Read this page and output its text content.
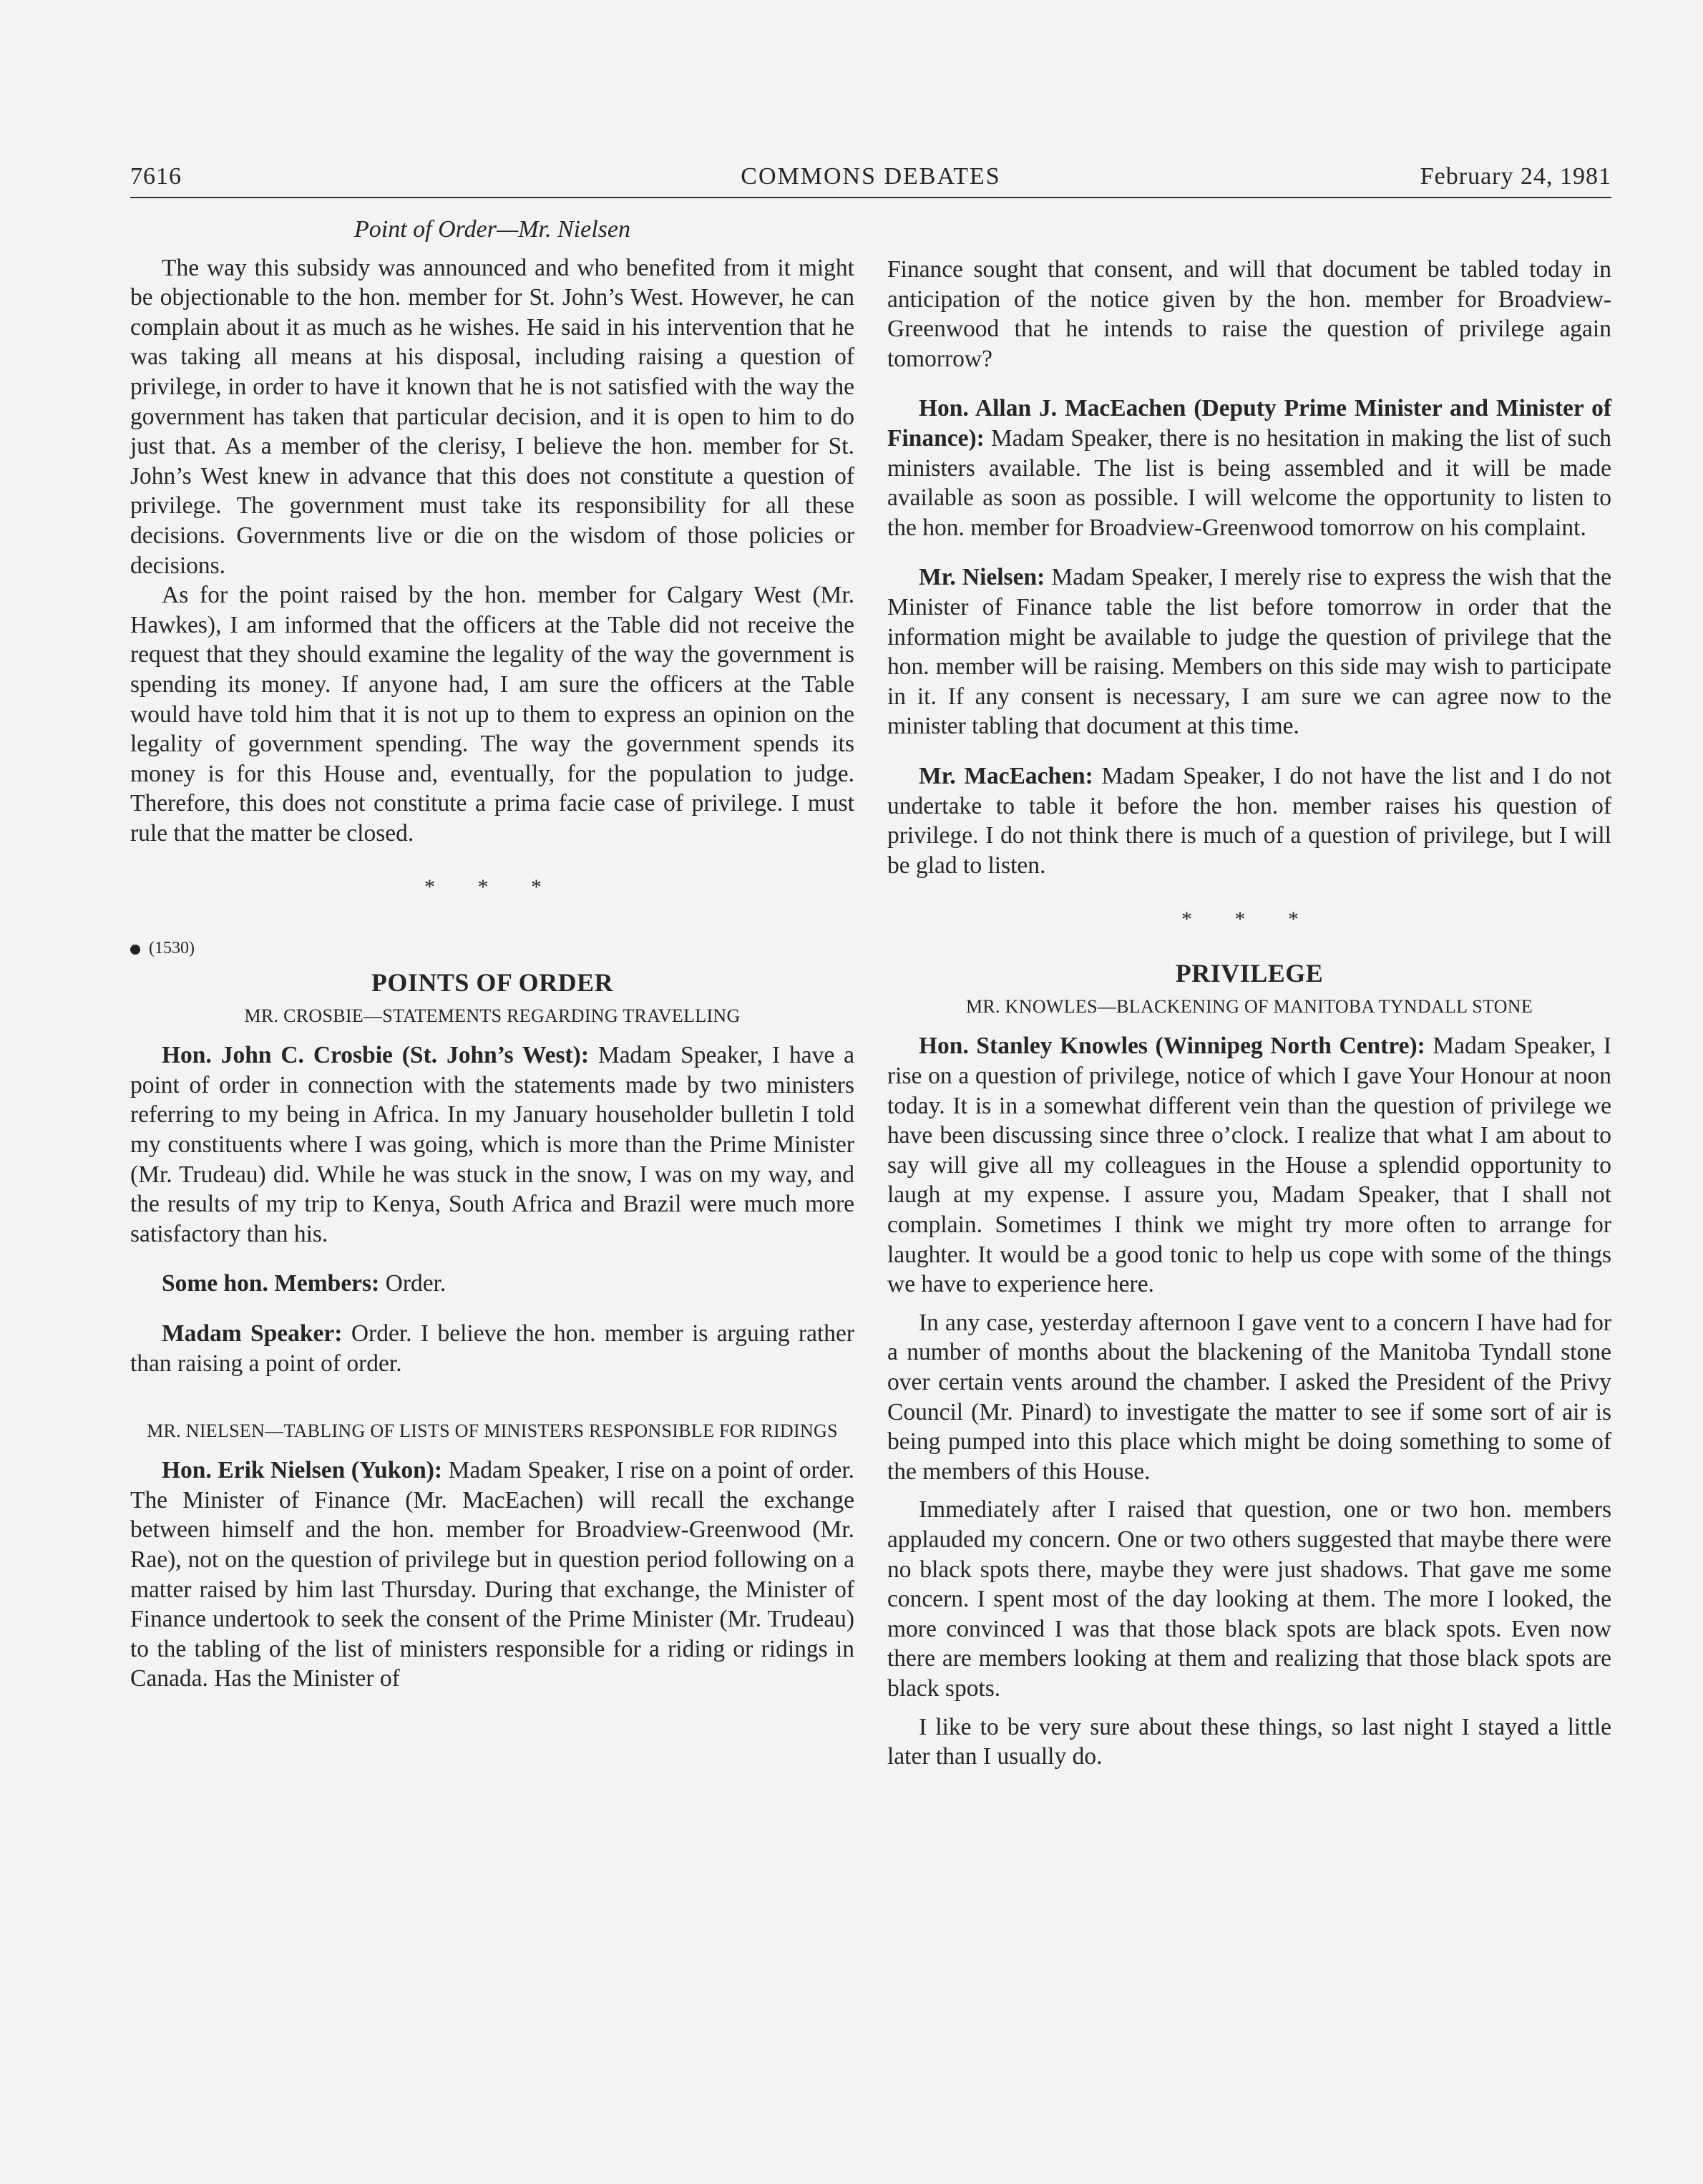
7616	COMMONS DEBATES	February 24, 1981
Point of Order—Mr. Nielsen

The way this subsidy was announced and who benefited from it might be objectionable to the hon. member for St. John’s West. However, he can complain about it as much as he wishes. He said in his intervention that he was taking all means at his disposal, including raising a question of privilege, in order to have it known that he is not satisfied with the way the government has taken that particular decision, and it is open to him to do just that. As a member of the clerisy, I believe the hon. member for St. John’s West knew in advance that this does not constitute a question of privilege. The government must take its responsibility for all these decisions. Governments live or die on the wisdom of those policies or decisions.

As for the point raised by the hon. member for Calgary West (Mr. Hawkes), I am informed that the officers at the Table did not receive the request that they should examine the legality of the way the government is spending its money. If anyone had, I am sure the officers at the Table would have told him that it is not up to them to express an opinion on the legality of government spending. The way the government spends its money is for this House and, eventually, for the population to judge. Therefore, this does not constitute a prima facie case of privilege. I must rule that the matter be closed.

* * *
(1530)
POINTS OF ORDER
MR. CROSBIE—STATEMENTS REGARDING TRAVELLING

Hon. John C. Crosbie (St. John’s West): Madam Speaker, I have a point of order in connection with the statements made by two ministers referring to my being in Africa. In my January householder bulletin I told my constituents where I was going, which is more than the Prime Minister (Mr. Trudeau) did. While he was stuck in the snow, I was on my way, and the results of my trip to Kenya, South Africa and Brazil were much more satisfactory than his.

Some hon. Members: Order.

Madam Speaker: Order. I believe the hon. member is arguing rather than raising a point of order.

MR. NIELSEN—TABLING OF LISTS OF MINISTERS RESPONSIBLE FOR RIDINGS

Hon. Erik Nielsen (Yukon): Madam Speaker, I rise on a point of order. The Minister of Finance (Mr. MacEachen) will recall the exchange between himself and the hon. member for Broadview-Greenwood (Mr. Rae), not on the question of privilege but in question period following on a matter raised by him last Thursday. During that exchange, the Minister of Finance undertook to seek the consent of the Prime Minister (Mr. Trudeau) to the tabling of the list of ministers responsible for a riding or ridings in Canada. Has the Minister of

Finance sought that consent, and will that document be tabled today in anticipation of the notice given by the hon. member for Broadview-Greenwood that he intends to raise the question of privilege again tomorrow?

Hon. Allan J. MacEachen (Deputy Prime Minister and Minister of Finance): Madam Speaker, there is no hesitation in making the list of such ministers available. The list is being assembled and it will be made available as soon as possible. I will welcome the opportunity to listen to the hon. member for Broadview-Greenwood tomorrow on his complaint.

Mr. Nielsen: Madam Speaker, I merely rise to express the wish that the Minister of Finance table the list before tomorrow in order that the information might be available to judge the question of privilege that the hon. member will be raising. Members on this side may wish to participate in it. If any consent is necessary, I am sure we can agree now to the minister tabling that document at this time.

Mr. MacEachen: Madam Speaker, I do not have the list and I do not undertake to table it before the hon. member raises his question of privilege. I do not think there is much of a question of privilege, but I will be glad to listen.

* * *
PRIVILEGE
MR. KNOWLES—BLACKENING OF MANITOBA TYNDALL STONE

Hon. Stanley Knowles (Winnipeg North Centre): Madam Speaker, I rise on a question of privilege, notice of which I gave Your Honour at noon today. It is in a somewhat different vein than the question of privilege we have been discussing since three o’clock. I realize that what I am about to say will give all my colleagues in the House a splendid opportunity to laugh at my expense. I assure you, Madam Speaker, that I shall not complain. Sometimes I think we might try more often to arrange for laughter. It would be a good tonic to help us cope with some of the things we have to experience here.

In any case, yesterday afternoon I gave vent to a concern I have had for a number of months about the blackening of the Manitoba Tyndall stone over certain vents around the chamber. I asked the President of the Privy Council (Mr. Pinard) to investigate the matter to see if some sort of air is being pumped into this place which might be doing something to some of the members of this House.

Immediately after I raised that question, one or two hon. members applauded my concern. One or two others suggested that maybe there were no black spots there, maybe they were just shadows. That gave me some concern. I spent most of the day looking at them. The more I looked, the more convinced I was that those black spots are black spots. Even now there are members looking at them and realizing that those black spots are black spots.

I like to be very sure about these things, so last night I stayed a little later than I usually do.
